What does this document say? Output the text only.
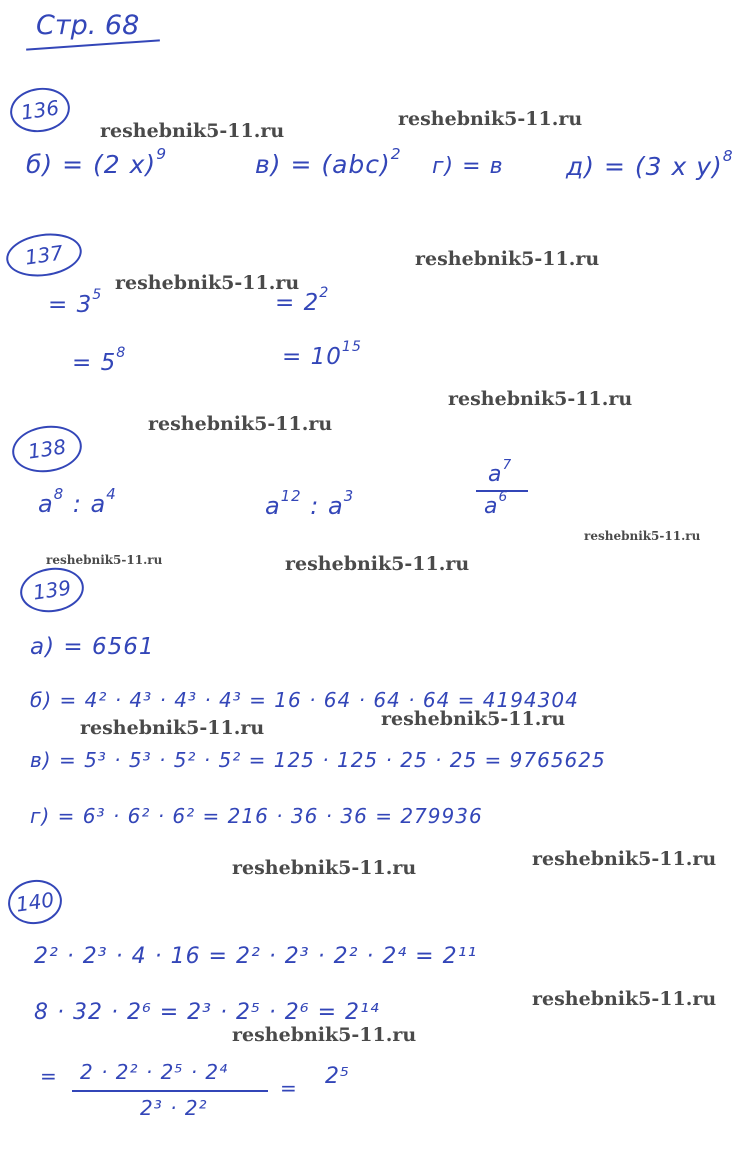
Стр. 68
136
reshebnik5-11.ru
reshebnik5-11.ru
б) = (2 x)$^9$	в) = (abc)$^2$
г) = в д) = (3 x y)$^8$
137	reshebnik5-11.ru
reshebnik5-11.ru
= $3^5$	= $2^2$
= $5^8$	= $10^{15}$
reshebnik5-11.ru
reshebnik5-11.ru
138
$a^8$ : $a^4$	$a^{12}$ : $a^3$
$a^7$
$a^6$
reshebnik5-11.ru
reshebnik5-11.ru	reshebnik5-11.ru
139
а) = 6561
б) = 4² · 4³ · 4³ · 4³ = 16 · 64 · 64 · 64 = 4194304
reshebnik5-11.ru	reshebnik5-11.ru
в) = 5³ · 5³ · 5² · 5² = 125 · 125 · 25 · 25 = 9765625
г) = 6³ · 6² · 6² = 216 · 36 · 36 = 279936
reshebnik5-11.ru	reshebnik5-11.ru
140
2² · 2³ · 4 · 16 = 2² · 2³ · 2² · 2⁴ = 2¹¹
8 · 32 · 2⁶ = 2³ · 2⁵ · 2⁶ = 2¹⁴
reshebnik5-11.ru
reshebnik5-11.ru
= 2 · 2² · 2⁵ · 2⁴
2³ · 2²
= 2⁵
